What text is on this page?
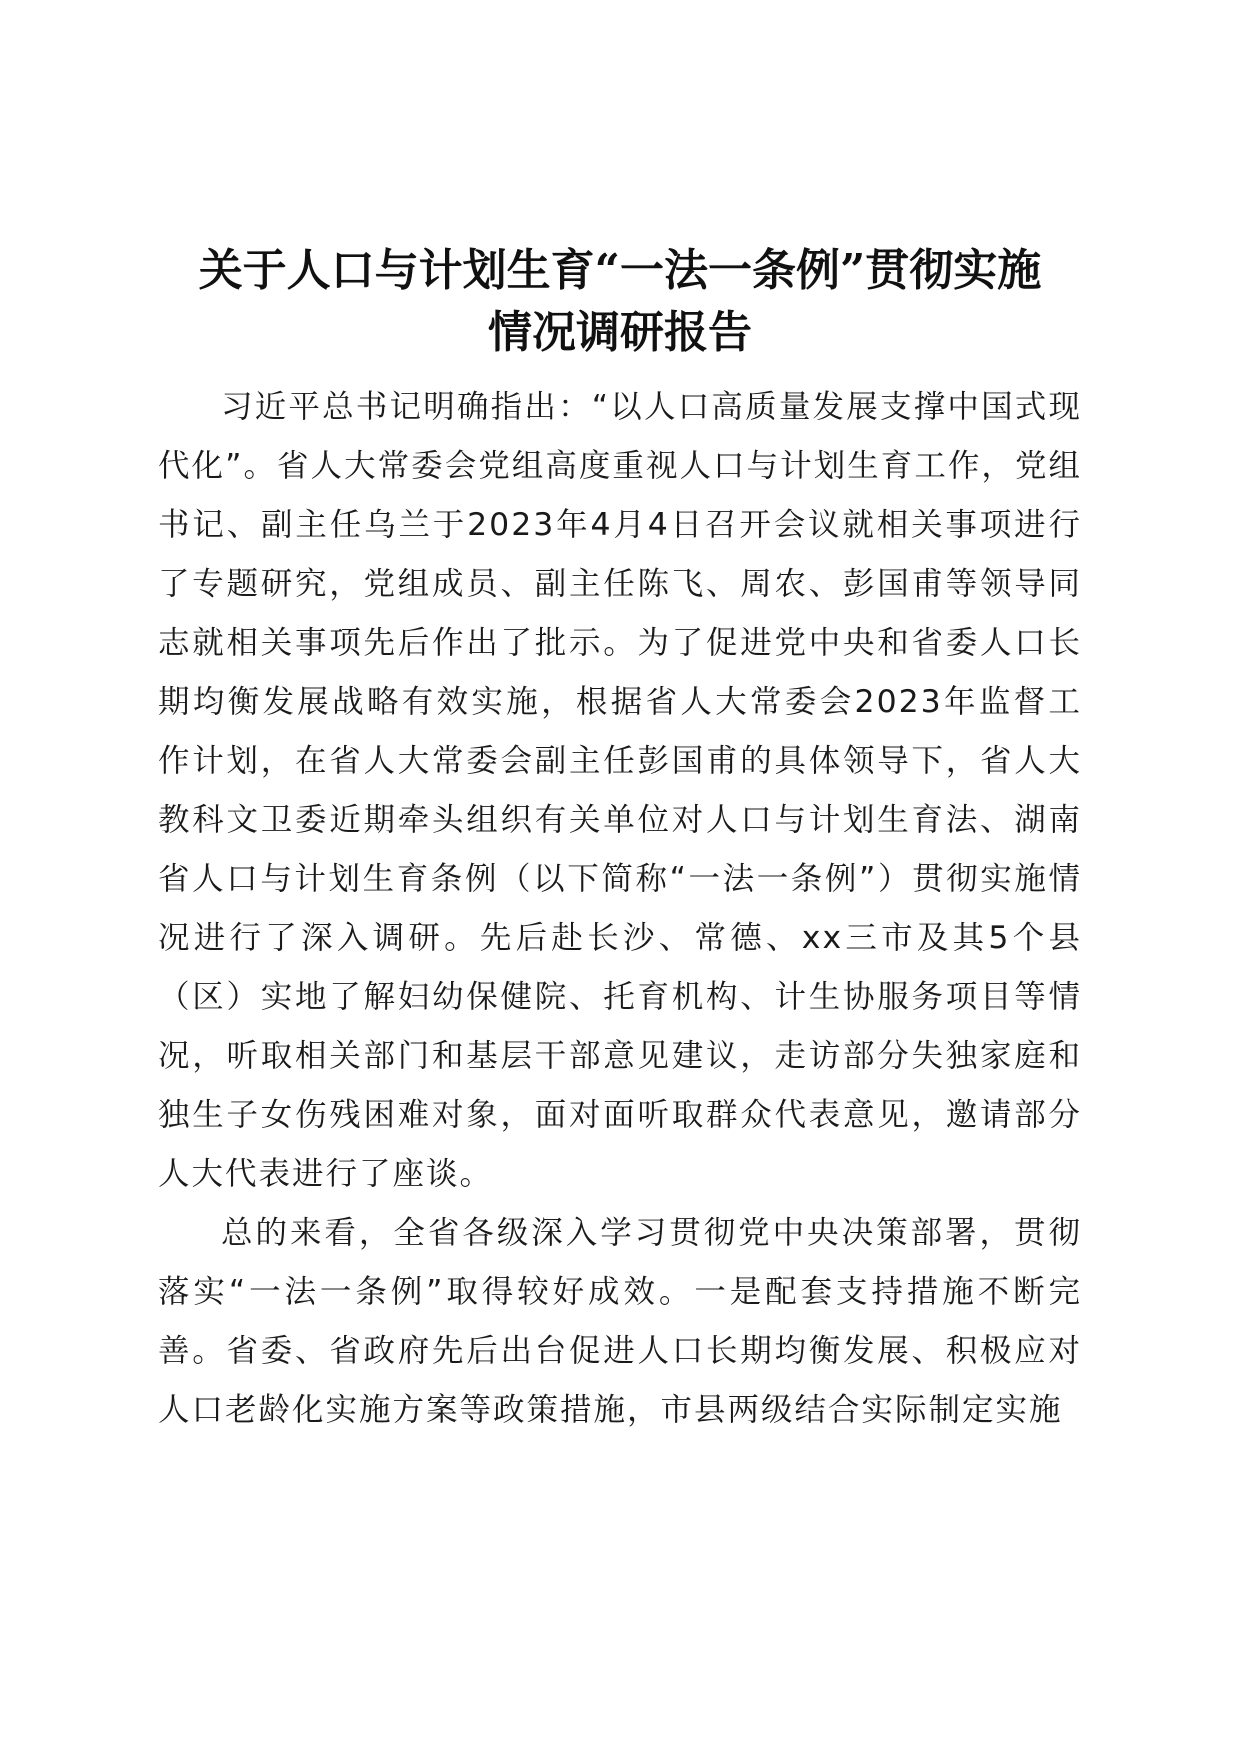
关于人口与计划生育“一法一条例”贯彻实施
情况调研报告

习近平总书记明确指出：“以人口高质量发展支撑中国式现代化”。省人大常委会党组高度重视人口与计划生育工作，党组书记、副主任乌兰于2023年4月4日召开会议就相关事项进行了专题研究，党组成员、副主任陈飞、周农、彭国甫等领导同志就相关事项先后作出了批示。为了促进党中央和省委人口长期均衡发展战略有效实施，根据省人大常委会2023年监督工作计划，在省人大常委会副主任彭国甫的具体领导下，省人大教科文卫委近期牵头组织有关单位对人口与计划生育法、湖南省人口与计划生育条例（以下简称“一法一条例”）贯彻实施情况进行了深入调研。先后赴长沙、常德、xx三市及其5个县（区）实地了解妇幼保健院、托育机构、计生协服务项目等情况，听取相关部门和基层干部意见建议，走访部分失独家庭和独生子女伤残困难对象，面对面听取群众代表意见，邀请部分人大代表进行了座谈。

总的来看，全省各级深入学习贯彻党中央决策部署，贯彻落实“一法一条例”取得较好成效。一是配套支持措施不断完善。省委、省政府先后出台促进人口长期均衡发展、积极应对人口老龄化实施方案等政策措施，市县两级结合实际制定实施
